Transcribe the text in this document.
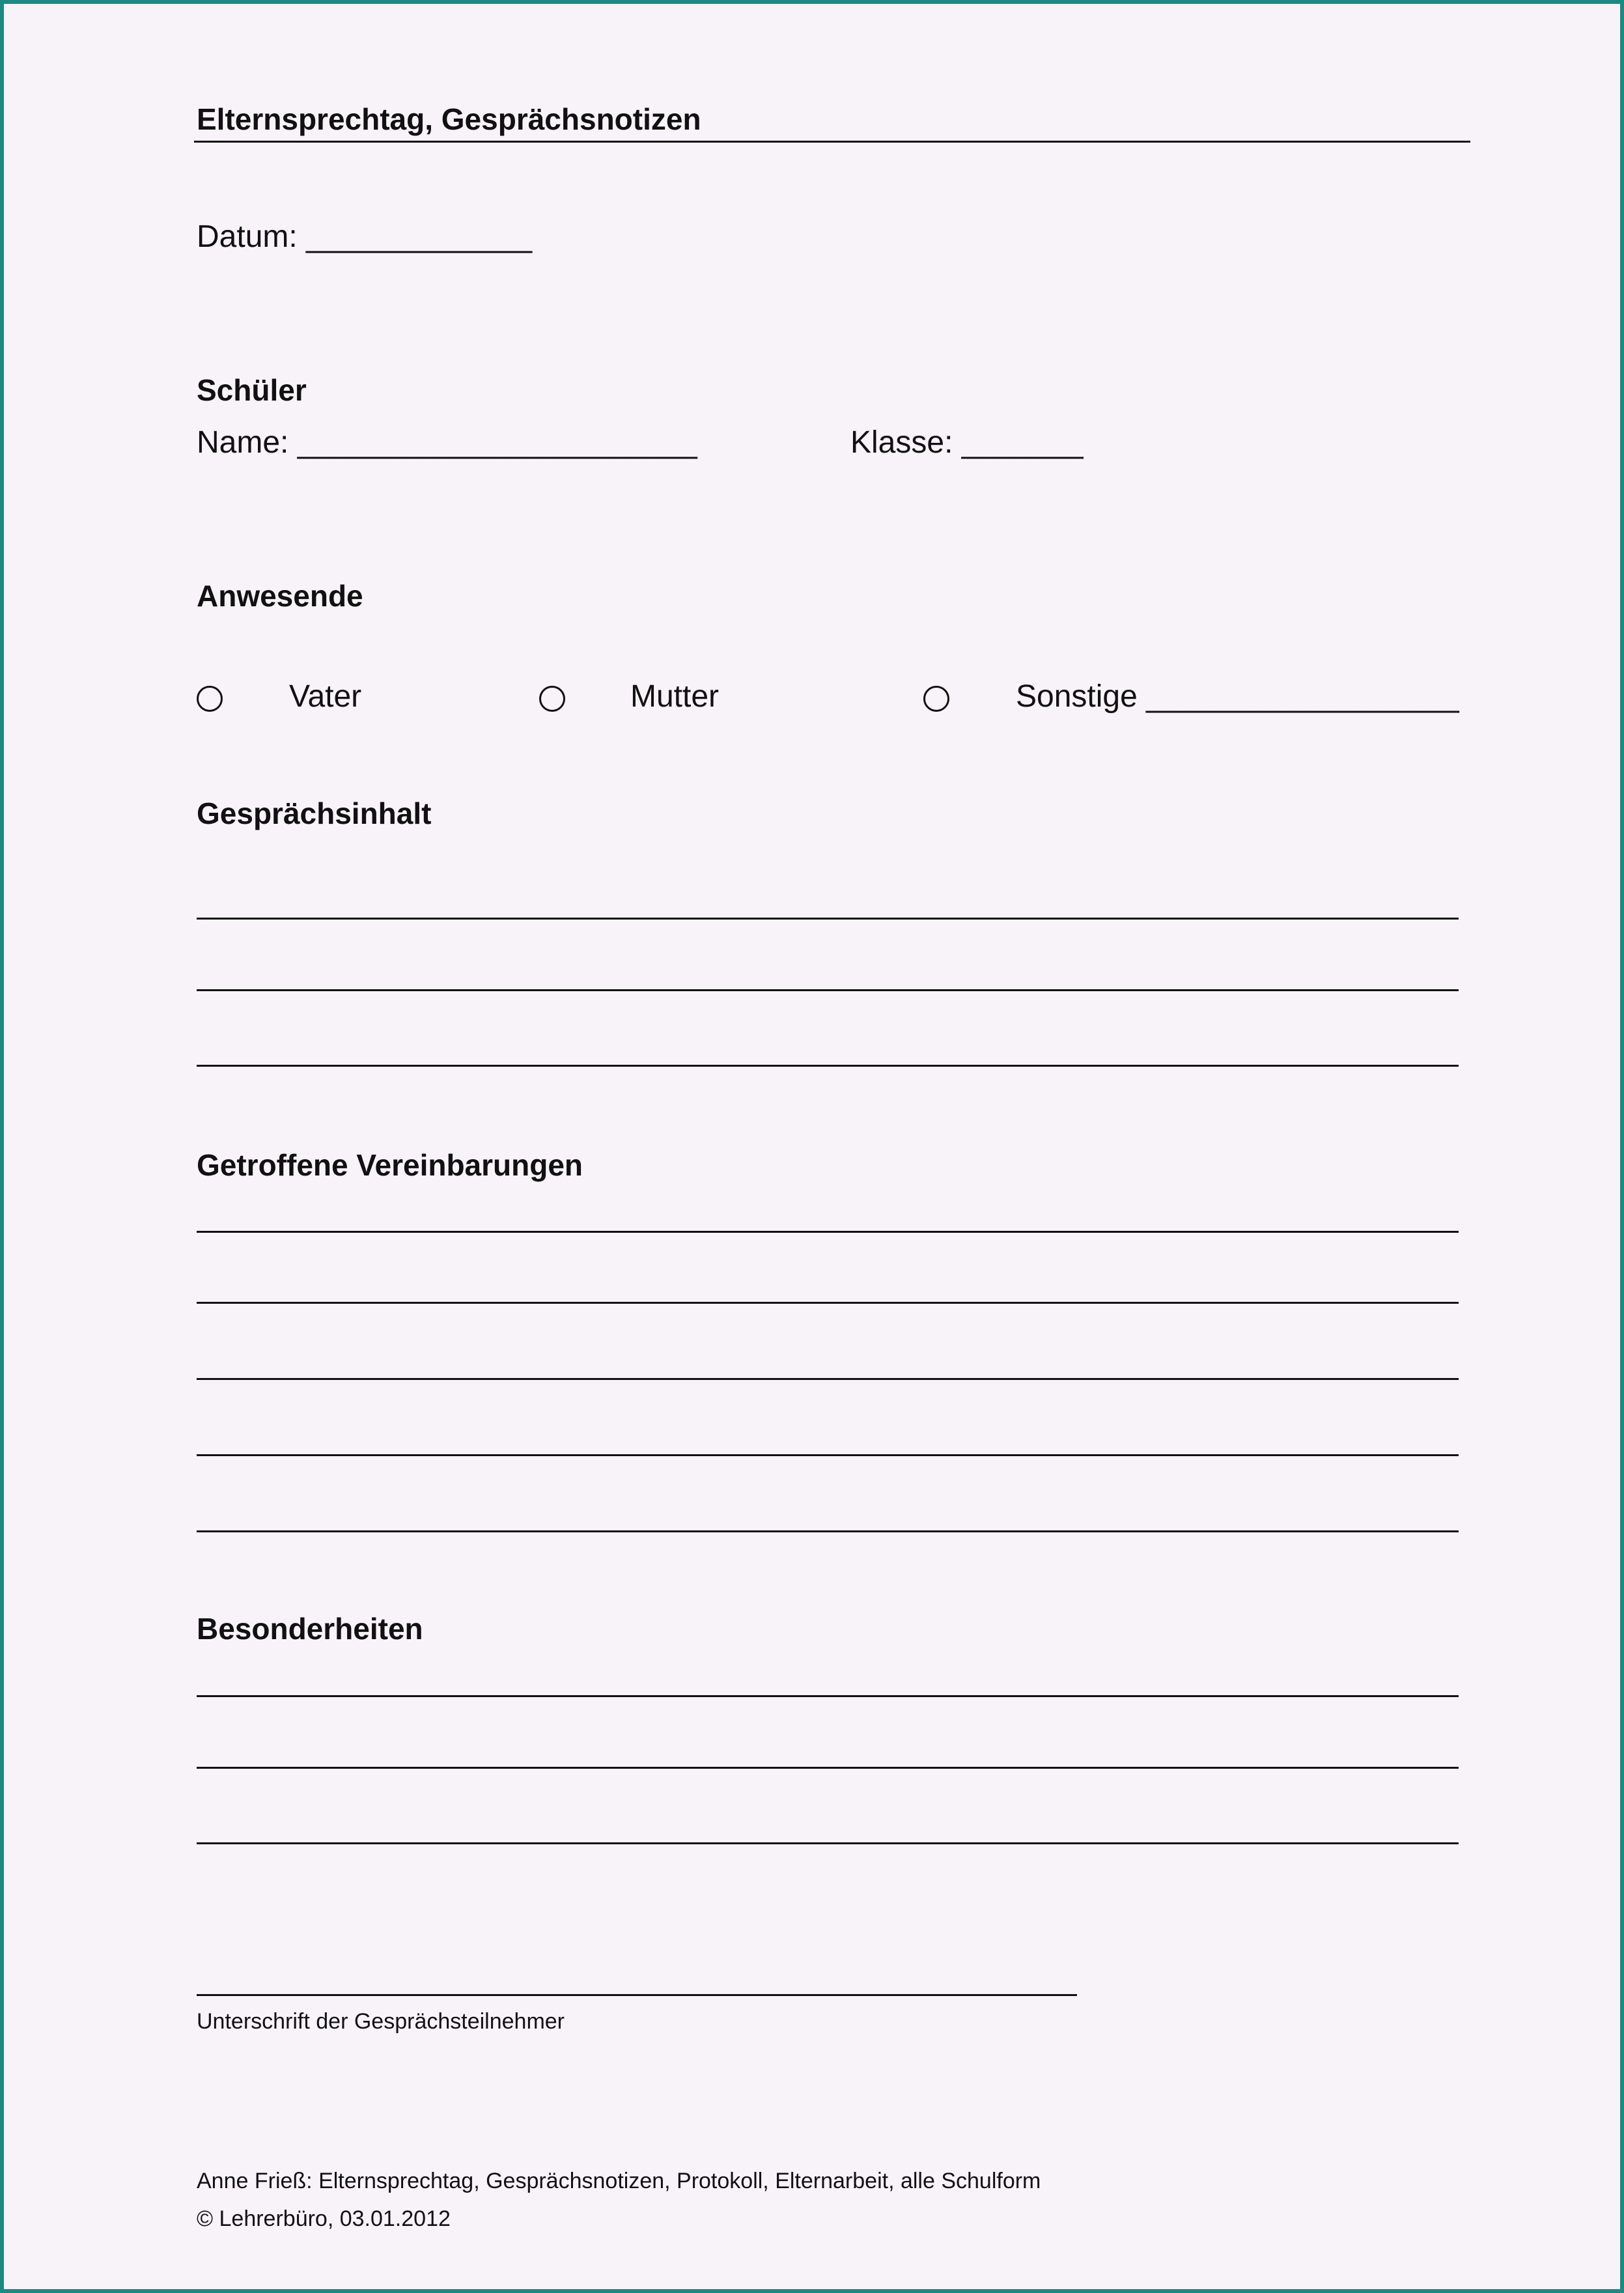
Elternsprechtag, Gesprächsnotizen
Datum: _____________
Schüler
Name: _______________________	Klasse: _______
Anwesende
Vater	Mutter	Sonstige __________________
Gesprächsinhalt
Getroffene Vereinbarungen
Besonderheiten
Unterschrift der Gesprächsteilnehmer
Anne Frieß: Elternsprechtag, Gesprächsnotizen, Protokoll, Elternarbeit, alle Schulform
© Lehrerbüro, 03.01.2012
